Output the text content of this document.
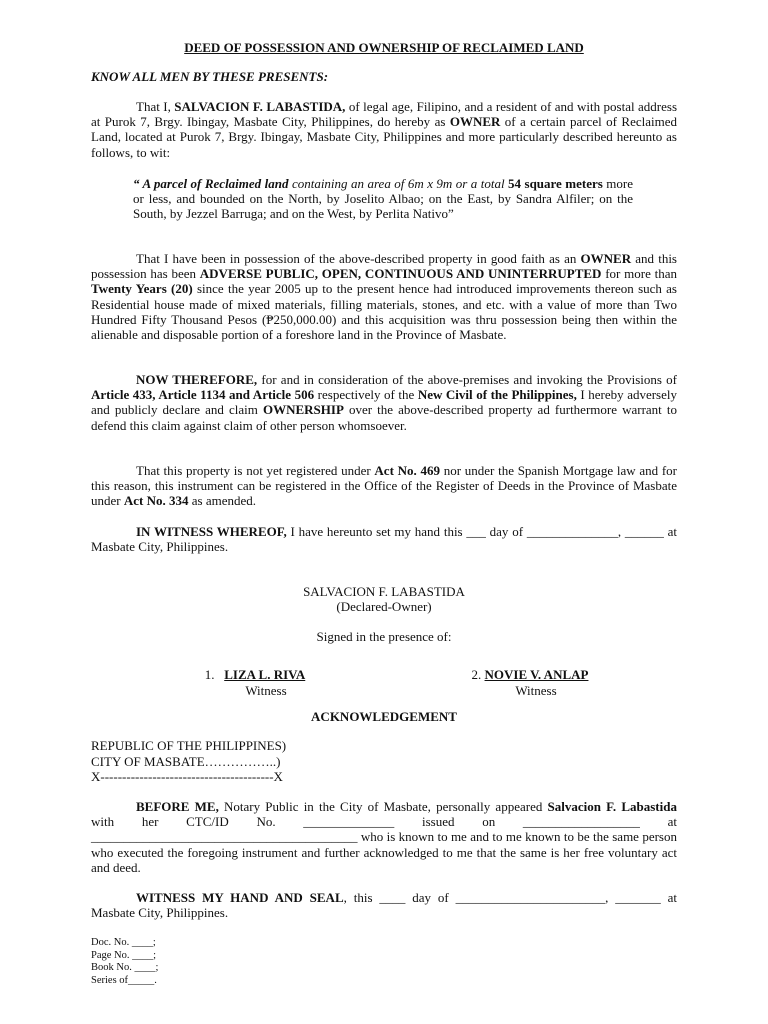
DEED OF POSSESSION AND OWNERSHIP OF RECLAIMED LAND
KNOW ALL MEN BY THESE PRESENTS:

That I, SALVACION F. LABASTIDA, of legal age, Filipino, and a resident of and with postal address at Purok 7, Brgy. Ibingay, Masbate City, Philippines, do hereby as OWNER of a certain parcel of Reclaimed Land, located at Purok 7, Brgy. Ibingay, Masbate City, Philippines and more particularly described hereunto as follows, to wit:

“ A parcel of Reclaimed land containing an area of 6m x 9m or a total 54 square meters more or less, and bounded on the North, by Joselito Albao; on the East, by Sandra Alfiler; on the South, by Jezzel Barruga; and on the West, by Perlita Nativo”

That I have been in possession of the above-described property in good faith as an OWNER and this possession has been ADVERSE PUBLIC, OPEN, CONTINUOUS AND UNINTERRUPTED for more than Twenty Years (20) since the year 2005 up to the present hence had introduced improvements thereon such as Residential house made of mixed materials, filling materials, stones, and etc. with a value of more than Two Hundred Fifty Thousand Pesos (₱250,000.00) and this acquisition was thru possession being then within the alienable and disposable portion of a foreshore land in the Province of Masbate.

NOW THEREFORE, for and in consideration of the above-premises and invoking the Provisions of Article 433, Article 1134 and Article 506 respectively of the New Civil of the Philippines, I hereby adversely and publicly declare and claim OWNERSHIP over the above-described property ad furthermore warrant to defend this claim against claim of other person whomsoever.

That this property is not yet registered under Act No. 469 nor under the Spanish Mortgage law and for this reason, this instrument can be registered in the Office of the Register of Deeds in the Province of Masbate under Act No. 334 as amended.

IN WITNESS WHEREOF, I have hereunto set my hand this ___ day of ______________, ______ at Masbate City, Philippines.

SALVACION F. LABASTIDA

(Declared-Owner)

Signed in the presence of:

1. LIZA L. RIVA
Witness
2. NOVIE V. ANLAP
Witness

ACKNOWLEDGEMENT

REPUBLIC OF THE PHILIPPINES)

CITY OF MASBATE……………..)

X----------------------------------------X

BEFORE ME, Notary Public in the City of Masbate, personally appeared Salvacion F. Labastida with her CTC/ID No. ______________ issued on __________________ at _________________________________________ who is known to me and to me known to be the same person who executed the foregoing instrument and further acknowledged to me that the same is her free voluntary act and deed.

WITNESS MY HAND AND SEAL, this ____ day of _______________________, _______ at Masbate City, Philippines.

Doc. No. ____;
Page No. ____;
Book No. ____;
Series of_____.
